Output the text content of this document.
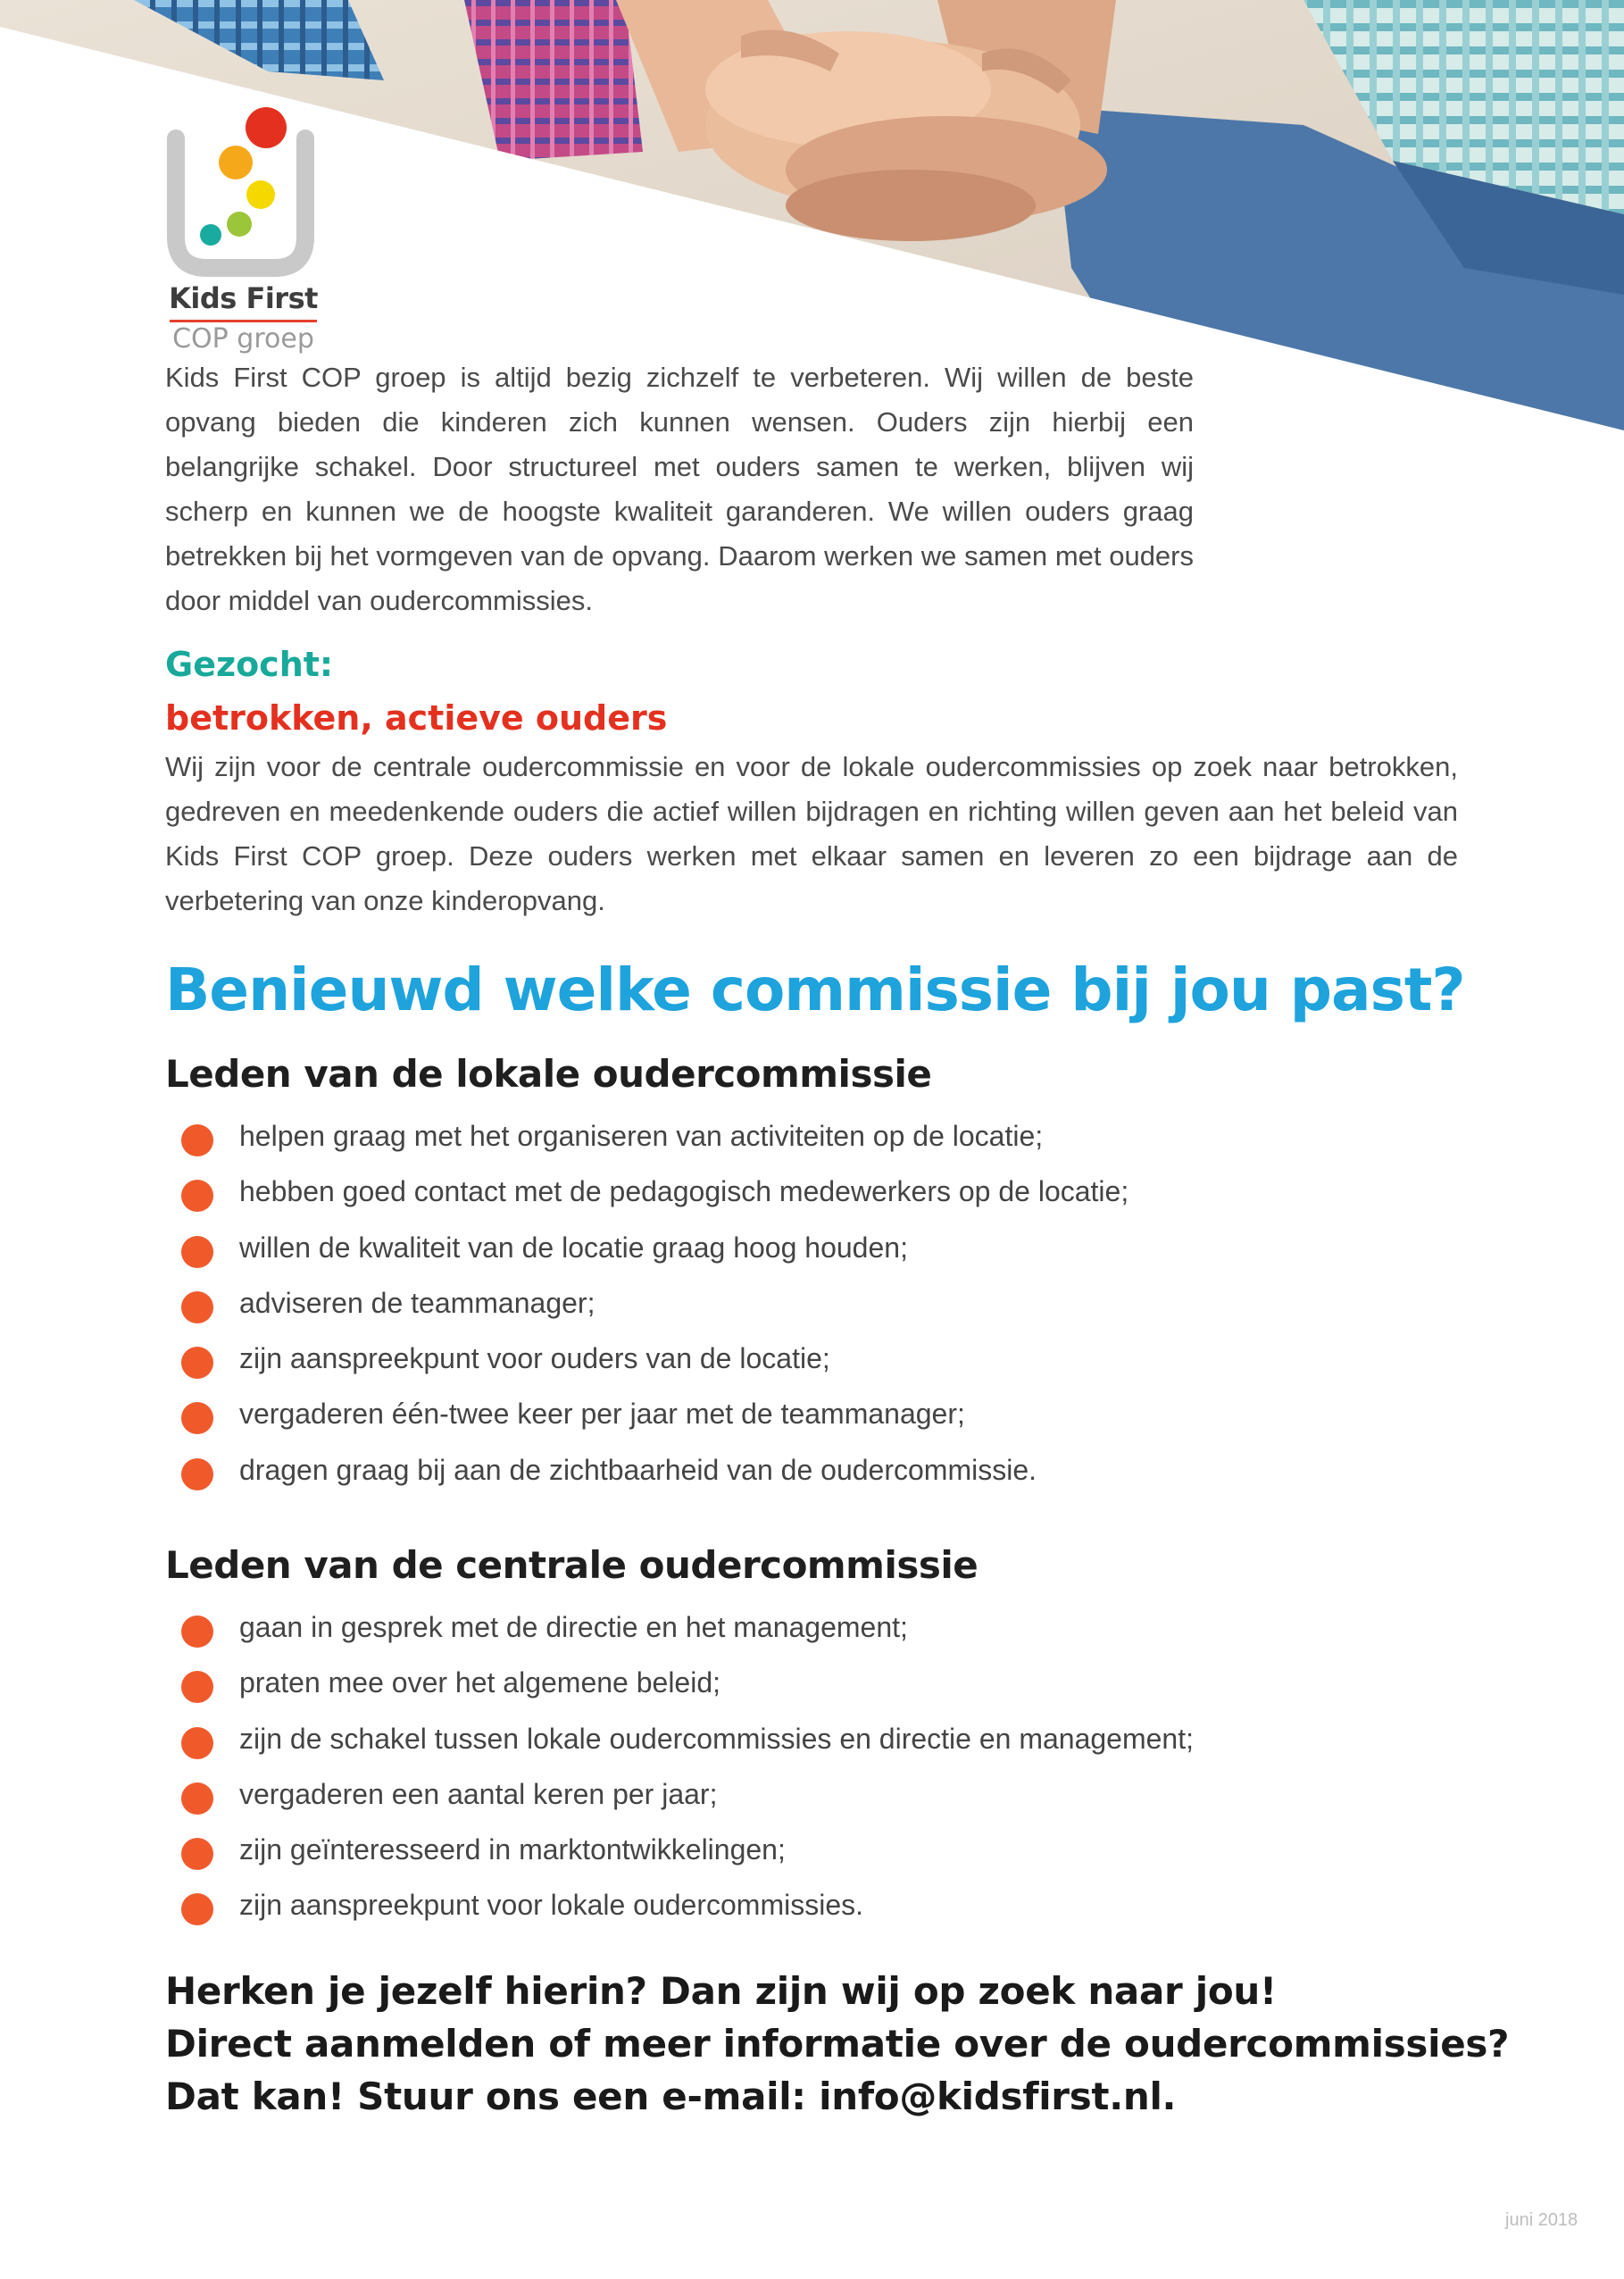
Kids First
COP groep

Kids First COP groep is altijd bezig zichzelf te verbeteren. Wij willen de beste opvang bieden die kinderen zich kunnen wensen. Ouders zijn hierbij een belangrijke schakel. Door structureel met ouders samen te werken, blijven wij scherp en kunnen we de hoogste kwaliteit garanderen. We willen ouders graag betrekken bij het vormgeven van de opvang. Daarom werken we samen met ouders door middel van oudercommissies.

Gezocht:
betrokken, actieve ouders

Wij zijn voor de centrale oudercommissie en voor de lokale oudercommissies op zoek naar betrokken, gedreven en meedenkende ouders die actief willen bijdragen en richting willen geven aan het beleid van Kids First COP groep. Deze ouders werken met elkaar samen en leveren zo een bijdrage aan de verbetering van onze kinderopvang.

Benieuwd welke commissie bij jou past?
Leden van de lokale oudercommissie
helpen graag met het organiseren van activiteiten op de locatie;
hebben goed contact met de pedagogisch medewerkers op de locatie;
willen de kwaliteit van de locatie graag hoog houden;
adviseren de teammanager;
zijn aanspreekpunt voor ouders van de locatie;
vergaderen één-twee keer per jaar met de teammanager;
dragen graag bij aan de zichtbaarheid van de oudercommissie.
Leden van de centrale oudercommissie
gaan in gesprek met de directie en het management;
praten mee over het algemene beleid;
zijn de schakel tussen lokale oudercommissies en directie en management;
vergaderen een aantal keren per jaar;
zijn geïnteresseerd in marktontwikkelingen;
zijn aanspreekpunt voor lokale oudercommissies.
Herken je jezelf hierin? Dan zijn wij op zoek naar jou!
Direct aanmelden of meer informatie over de oudercommissies?
Dat kan! Stuur ons een e-mail: info@kidsfirst.nl.
juni 2018
